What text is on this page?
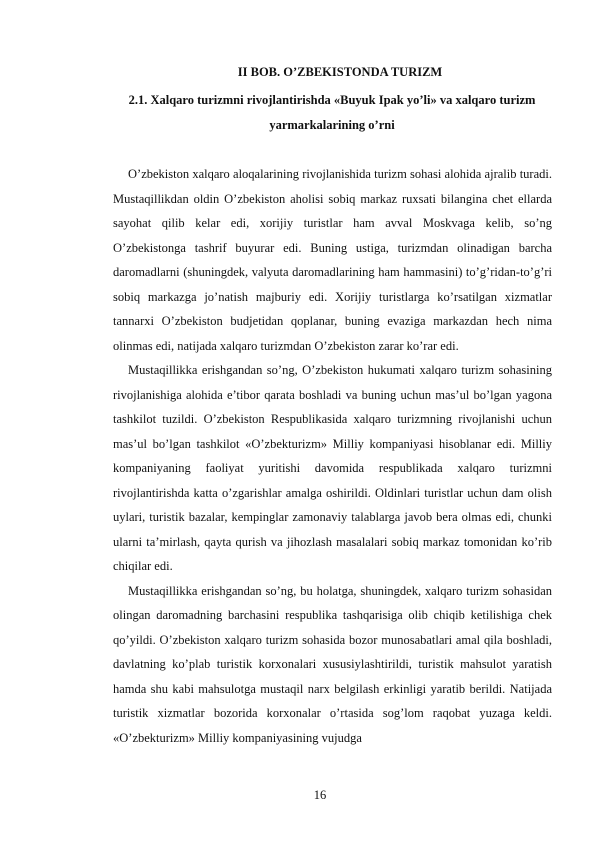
II BOB. O’ZBEKISTONDA TURIZM
2.1. Xalqaro turizmni rivojlantirishda «Buyuk Ipak yo’li» va xalqaro turizm yarmarkalarining o’rni

O’zbekiston xalqaro aloqalarining rivojlanishida turizm sohasi alohida ajralib turadi. Mustaqillikdan oldin O’zbekiston aholisi sobiq markaz ruxsati bilangina chet ellarda sayohat qilib kelar edi, xorijiy turistlar ham avval Moskvaga kelib, so’ng O’zbekistonga tashrif buyurar edi. Buning ustiga, turizmdan olinadigan barcha daromadlarni (shuningdek, valyuta daromadlarining ham hammasini) to’g’ridan-to’g’ri sobiq markazga jo’natish majburiy edi. Xorijiy turistlarga ko’rsatilgan xizmatlar tannarxi O’zbekiston budjetidan qoplanar, buning evaziga markazdan hech nima olinmas edi, natijada xalqaro turizmdan O’zbekiston zarar ko’rar edi.

Mustaqillikka erishgandan so’ng, O’zbekiston hukumati xalqaro turizm sohasining rivojlanishiga alohida e’tibor qarata boshladi va buning uchun mas’ul bo’lgan yagona tashkilot tuzildi. O’zbekiston Respublikasida xalqaro turizmning rivojlanishi uchun mas’ul bo’lgan tashkilot «O’zbekturizm» Milliy kompaniyasi hisoblanar edi. Milliy kompaniyaning faoliyat yuritishi davomida respublikada xalqaro turizmni rivojlantirishda katta o’zgarishlar amalga oshirildi. Oldinlari turistlar uchun dam olish uylari, turistik bazalar, kempinglar zamonaviy talablarga javob bera olmas edi, chunki ularni ta’mirlash, qayta qurish va jihozlash masalalari sobiq markaz tomonidan ko’rib chiqilar edi.

Mustaqillikka erishgandan so’ng, bu holatga, shuningdek, xalqaro turizm sohasidan olingan daromadning barchasini respublika tashqarisiga olib chiqib ketilishiga chek qo’yildi. O’zbekiston xalqaro turizm sohasida bozor munosabatlari amal qila boshladi, davlatning ko’plab turistik korxonalari xususiylashtirildi, turistik mahsulot yaratish hamda shu kabi mahsulotga mustaqil narx belgilash erkinligi yaratib berildi. Natijada turistik xizmatlar bozorida korxonalar o’rtasida sog’lom raqobat yuzaga keldi. «O’zbekturizm» Milliy kompaniyasining vujudga

16
